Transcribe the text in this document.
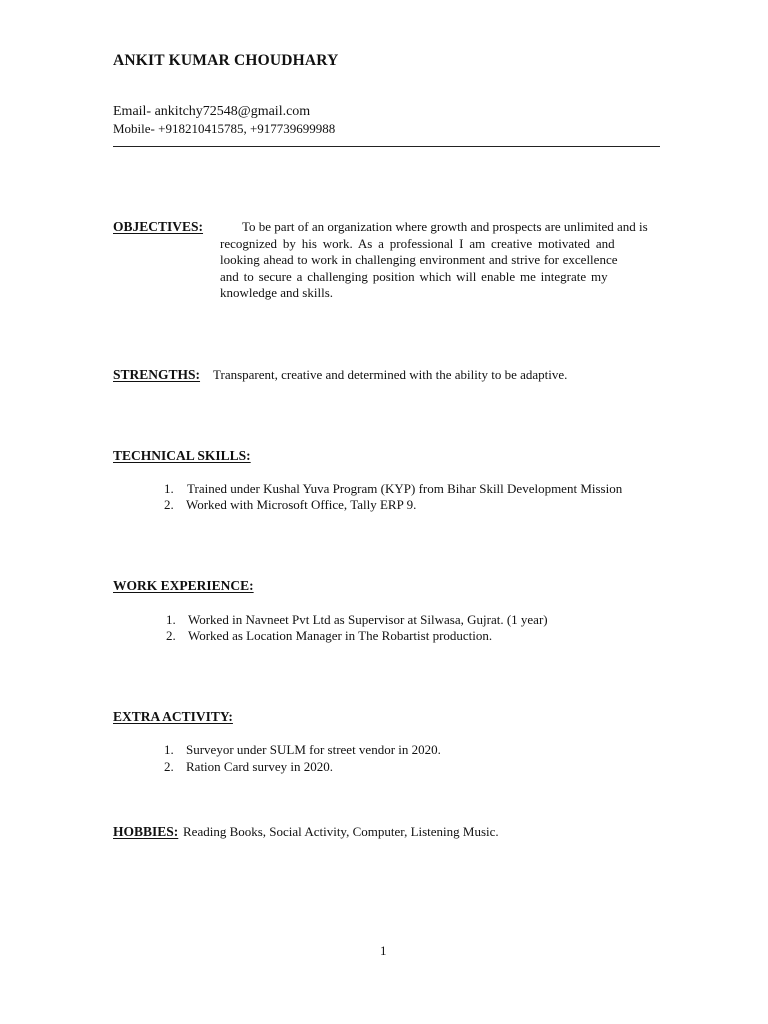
ANKIT KUMAR CHOUDHARY
Email- ankitchy72548@gmail.com
Mobile- +918210415785, +917739699988
OBJECTIVES:	To be part of an organization where growth and prospects are unlimited and is
recognized by his work. As a professional I am creative motivated and
looking ahead to work in challenging environment and strive for excellence
and to secure a challenging position which will enable me integrate my
knowledge and skills.
STRENGTHS: Transparent, creative and determined with the ability to be adaptive.
TECHNICAL SKILLS:
1. Trained under Kushal Yuva Program (KYP) from Bihar Skill Development Mission
2. Worked with Microsoft Office, Tally ERP 9.
WORK EXPERIENCE:
1. Worked in Navneet Pvt Ltd as Supervisor at Silwasa, Gujrat. (1 year)
2. Worked as Location Manager in The Robartist production.
EXTRA ACTIVITY:
1. Surveyor under SULM for street vendor in 2020.
2. Ration Card survey in 2020.
HOBBIES: Reading Books, Social Activity, Computer, Listening Music.
1
